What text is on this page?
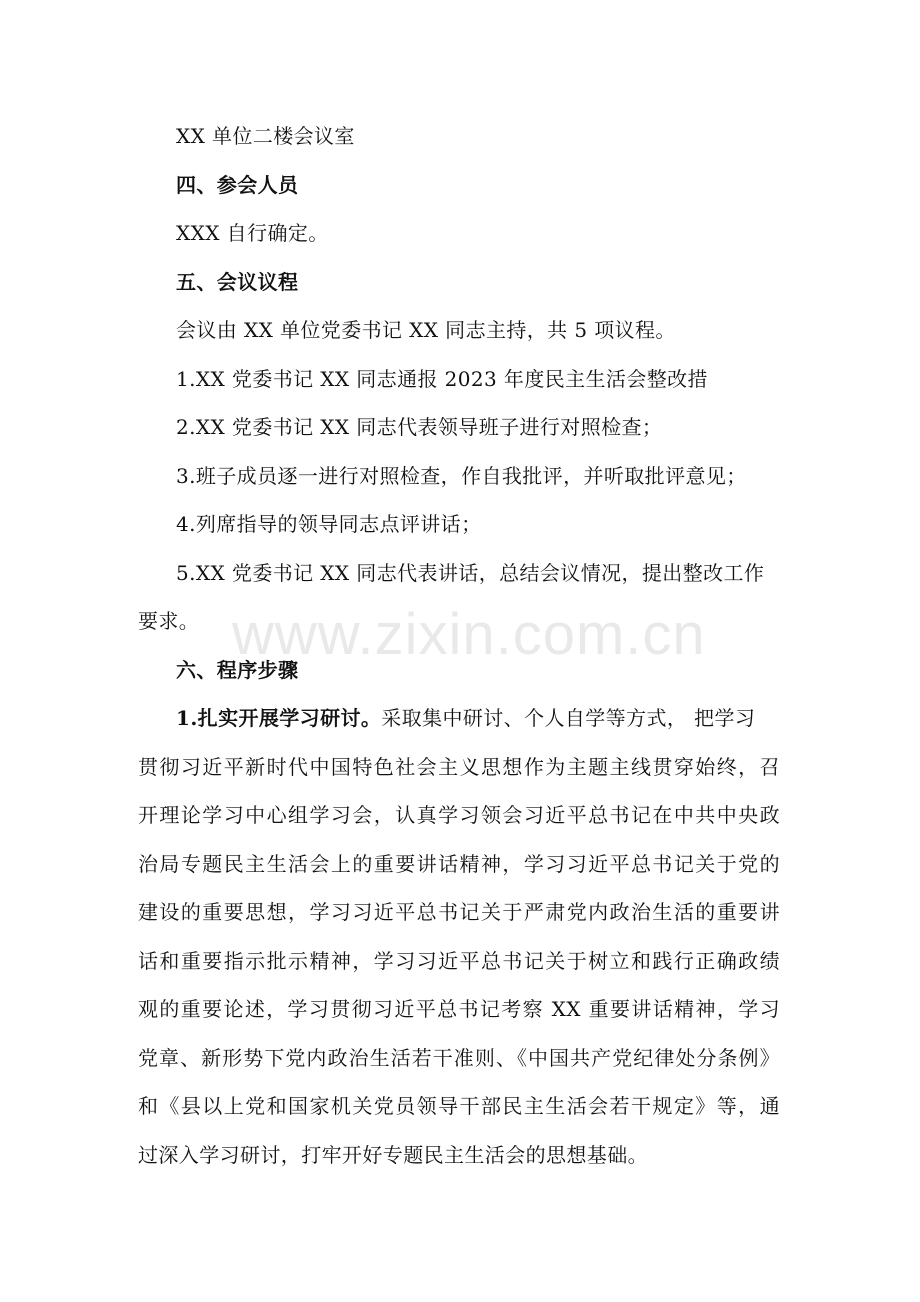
XX 单位二楼会议室
四、参会人员
XXX 自行确定。
五、会议议程
会议由 XX 单位党委书记 XX 同志主持，共 5 项议程。
1.XX 党委书记 XX 同志通报 2023 年度民主生活会整改措
2.XX 党委书记 XX 同志代表领导班子进行对照检查；
3.班子成员逐一进行对照检查，作自我批评，并听取批评意见；
4.列席指导的领导同志点评讲话；
5.XX 党委书记 XX 同志代表讲话，总结会议情况，提出整改工作
要求。
六、程序步骤
1.扎实开展学习研讨。采取集中研讨、个人自学等方式， 把学习
贯彻习近平新时代中国特色社会主义思想作为主题主线贯穿始终，召
开理论学习中心组学习会，认真学习领会习近平总书记在中共中央政
治局专题民主生活会上的重要讲话精神，学习习近平总书记关于党的
建设的重要思想，学习习近平总书记关于严肃党内政治生活的重要讲
话和重要指示批示精神，学习习近平总书记关于树立和践行正确政绩
观的重要论述，学习贯彻习近平总书记考察 XX 重要讲话精神，学习
党章、新形势下党内政治生活若干准则、《中国共产党纪律处分条例》
和《县以上党和国家机关党员领导干部民主生活会若干规定》等，通
过深入学习研讨，打牢开好专题民主生活会的思想基础。
www.zixin.com.cn
